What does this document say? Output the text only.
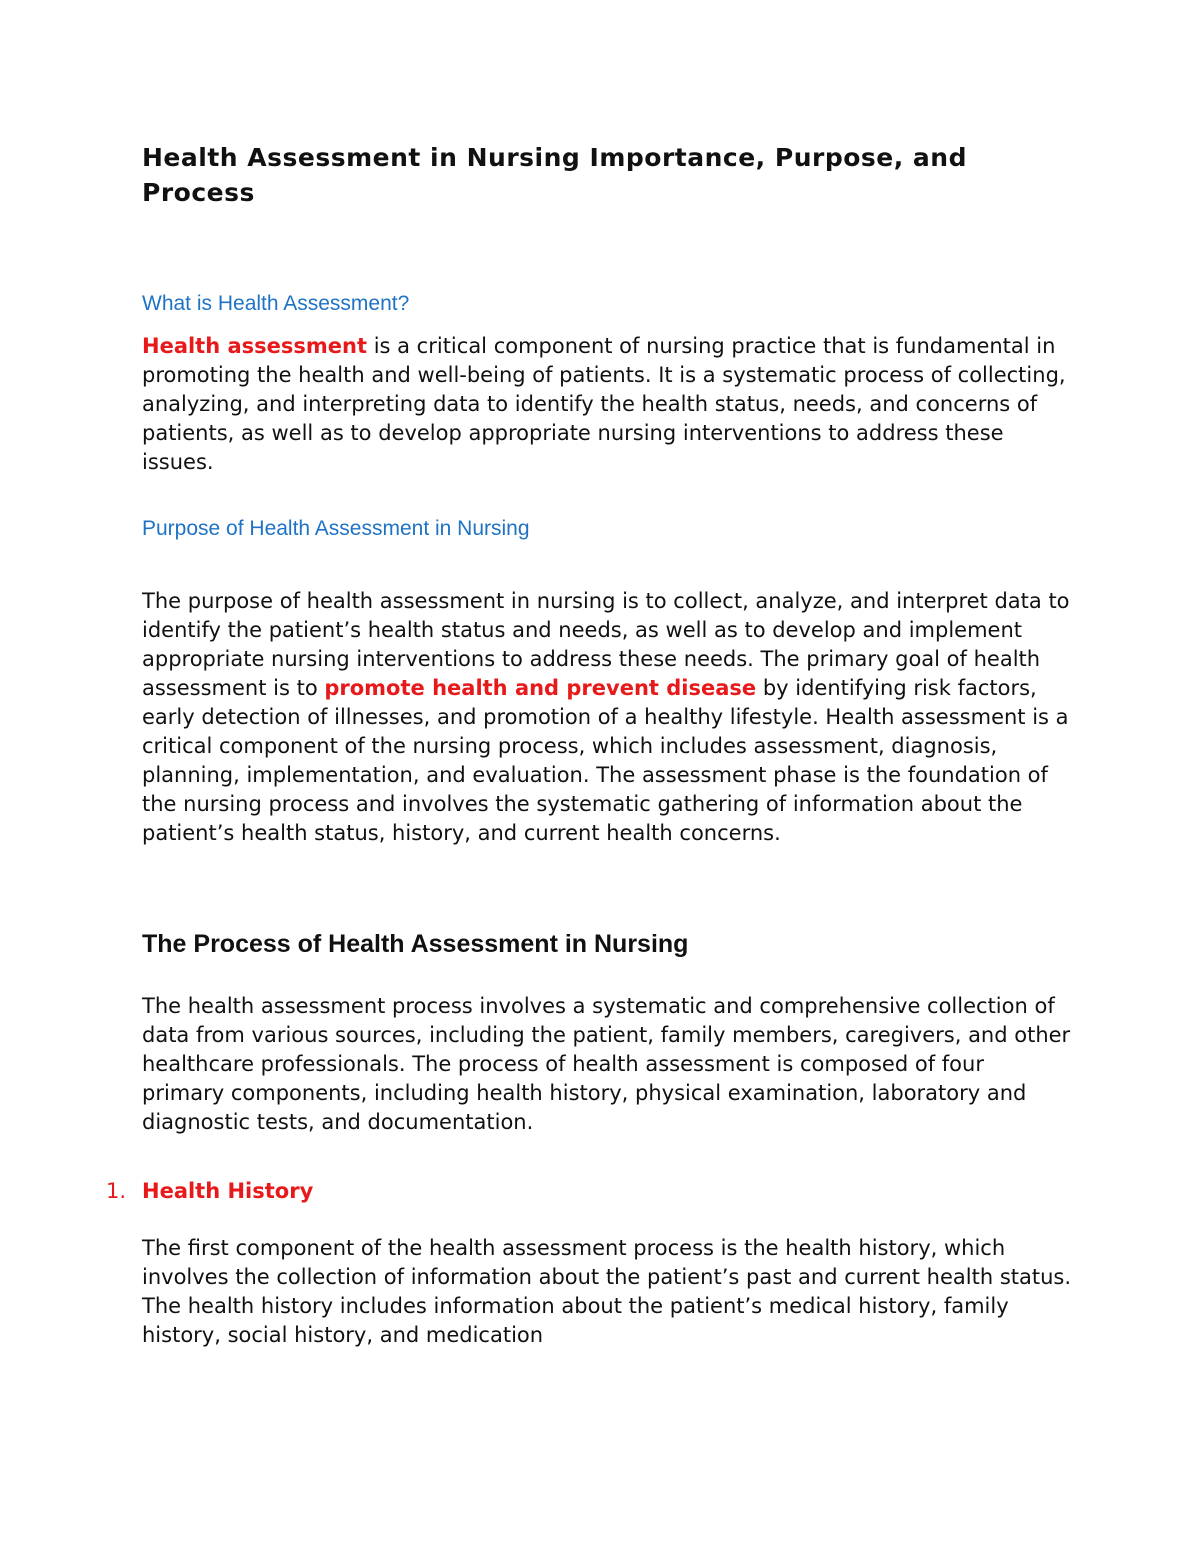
Health Assessment in Nursing Importance, Purpose, and Process
What is Health Assessment?

Health assessment is a critical component of nursing practice that is fundamental in promoting the health and well-being of patients. It is a systematic process of collecting, analyzing, and interpreting data to identify the health status, needs, and concerns of patients, as well as to develop appropriate nursing interventions to address these issues.

Purpose of Health Assessment in Nursing

The purpose of health assessment in nursing is to collect, analyze, and interpret data to identify the patient’s health status and needs, as well as to develop and implement appropriate nursing interventions to address these needs. The primary goal of health assessment is to promote health and prevent disease by identifying risk factors, early detection of illnesses, and promotion of a healthy lifestyle. Health assessment is a critical component of the nursing process, which includes assessment, diagnosis, planning, implementation, and evaluation. The assessment phase is the foundation of the nursing process and involves the systematic gathering of information about the patient’s health status, history, and current health concerns.

The Process of Health Assessment in Nursing

The health assessment process involves a systematic and comprehensive collection of data from various sources, including the patient, family members, caregivers, and other healthcare professionals. The process of health assessment is composed of four primary components, including health history, physical examination, laboratory and diagnostic tests, and documentation.

1. Health History

The first component of the health assessment process is the health history, which involves the collection of information about the patient’s past and current health status. The health history includes information about the patient’s medical history, family history, social history, and medication
